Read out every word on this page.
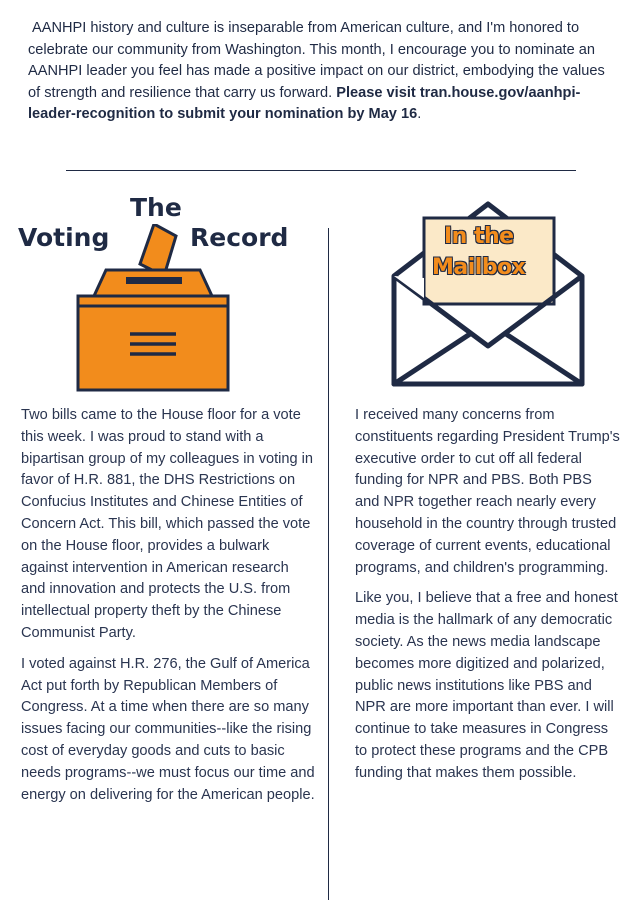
AANHPI history and culture is inseparable from American culture, and I'm honored to celebrate our community from Washington. This month, I encourage you to nominate an AANHPI leader you feel has made a positive impact on our district, embodying the values of strength and resilience that carry us forward. Please visit tran.house.gov/aanhpi-leader-recognition to submit your nomination by May 16.
The
Voting	Record	In the
Mailbox

Two bills came to the House floor for a vote this week. I was proud to stand with a bipartisan group of my colleagues in voting in favor of H.R. 881, the DHS Restrictions on Confucius Institutes and Chinese Entities of Concern Act. This bill, which passed the vote on the House floor, provides a bulwark against intervention in American research and innovation and protects the U.S. from intellectual property theft by the Chinese Communist Party.

I voted against H.R. 276, the Gulf of America Act put forth by Republican Members of Congress. At a time when there are so many issues facing our communities--like the rising cost of everyday goods and cuts to basic needs programs--we must focus our time and energy on delivering for the American people.

I received many concerns from constituents regarding President Trump's executive order to cut off all federal funding for NPR and PBS. Both PBS and NPR together reach nearly every household in the country through trusted coverage of current events, educational programs, and children's programming.

Like you, I believe that a free and honest media is the hallmark of any democratic society. As the news media landscape becomes more digitized and polarized, public news institutions like PBS and NPR are more important than ever. I will continue to take measures in Congress to protect these programs and the CPB funding that makes them possible.
